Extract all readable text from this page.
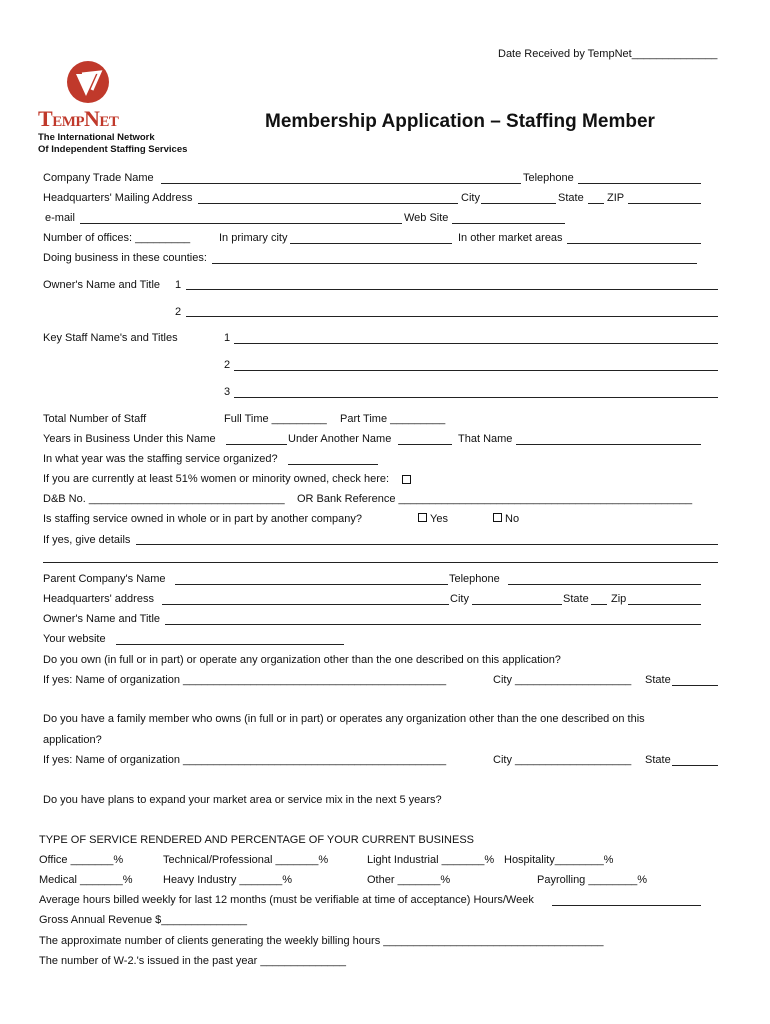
Date Received by TempNet______________
TEMPNET
The International Network
Of Independent Staffing Services
Membership Application – Staffing Member
Company Trade Name	Telephone
Headquarters' Mailing Address	City	State ZIP
e-mail	Web Site
Number of offices: _________	In primary city	In other market areas
Doing business in these counties:
Owner's Name and Title 1
2
Key Staff Name's and Titles	1
2
3
Total Number of Staff	Full Time _________ Part Time _________
Years in Business Under this Name	Under Another Name	That Name
In what year was the staffing service organized?
If you are currently at least 51% women or minority owned, check here:
D&B No. ________________________________ OR Bank Reference ________________________________________________
Is staffing service owned in whole or in part by another company?	Yes	No
If yes, give details
Parent Company's Name	Telephone
Headquarters' address	City	State Zip
Owner's Name and Title
Your website
Do you own (in full or in part) or operate any organization other than the one described on this application?
If yes: Name of organization ___________________________________________	City ___________________ State
Do you have a family member who owns (in full or in part) or operates any organization other than the one described on this
application?
If yes: Name of organization ___________________________________________	City ___________________ State
Do you have plans to expand your market area or service mix in the next 5 years?
TYPE OF SERVICE RENDERED AND PERCENTAGE OF YOUR CURRENT BUSINESS
Office _______%	Technical/Professional _______%	Light Industrial _______% Hospitality________%
Medical _______%	Heavy Industry _______%	Other _______%	Payrolling ________%
Average hours billed weekly for last 12 months (must be verifiable at time of acceptance) Hours/Week
Gross Annual Revenue $______________
The approximate number of clients generating the weekly billing hours ____________________________________
The number of W-2.'s issued in the past year ______________
